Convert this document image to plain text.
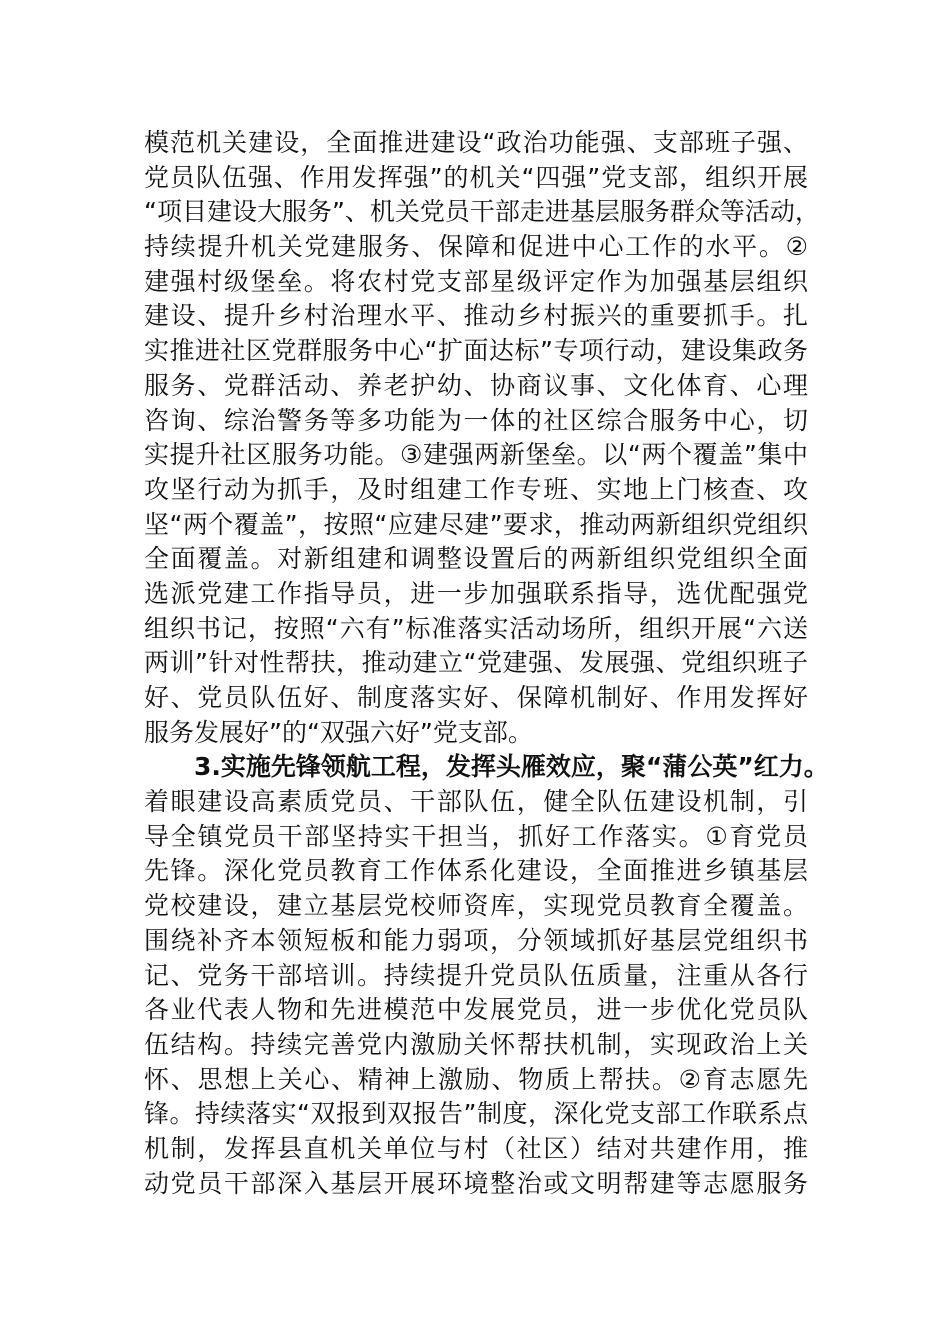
模范机关建设，全面推进建设“政治功能强、支部班子强、
党员队伍强、作用发挥强”的机关“四强”党支部，组织开展
“项目建设大服务”、机关党员干部走进基层服务群众等活动，
持续提升机关党建服务、保障和促进中心工作的水平。②
建强村级堡垒。将农村党支部星级评定作为加强基层组织
建设、提升乡村治理水平、推动乡村振兴的重要抓手。扎
实推进社区党群服务中心“扩面达标”专项行动，建设集政务
服务、党群活动、养老护幼、协商议事、文化体育、心理
咨询、综治警务等多功能为一体的社区综合服务中心，切
实提升社区服务功能。③建强两新堡垒。以“两个覆盖”集中
攻坚行动为抓手，及时组建工作专班、实地上门核查、攻
坚“两个覆盖”，按照“应建尽建”要求，推动两新组织党组织
全面覆盖。对新组建和调整设置后的两新组织党组织全面
选派党建工作指导员，进一步加强联系指导，选优配强党
组织书记，按照“六有”标准落实活动场所，组织开展“六送
两训”针对性帮扶，推动建立“党建强、发展强、党组织班子
好、党员队伍好、制度落实好、保障机制好、作用发挥好
服务发展好”的“双强六好”党支部。
3.实施先锋领航工程，发挥头雁效应，聚“蒲公英”红力。
着眼建设高素质党员、干部队伍，健全队伍建设机制，引
导全镇党员干部坚持实干担当，抓好工作落实。①育党员
先锋。深化党员教育工作体系化建设，全面推进乡镇基层
党校建设，建立基层党校师资库，实现党员教育全覆盖。
围绕补齐本领短板和能力弱项，分领域抓好基层党组织书
记、党务干部培训。持续提升党员队伍质量，注重从各行
各业代表人物和先进模范中发展党员，进一步优化党员队
伍结构。持续完善党内激励关怀帮扶机制，实现政治上关
怀、思想上关心、精神上激励、物质上帮扶。②育志愿先
锋。持续落实“双报到双报告”制度，深化党支部工作联系点
机制，发挥县直机关单位与村（社区）结对共建作用，推
动党员干部深入基层开展环境整治或文明帮建等志愿服务
